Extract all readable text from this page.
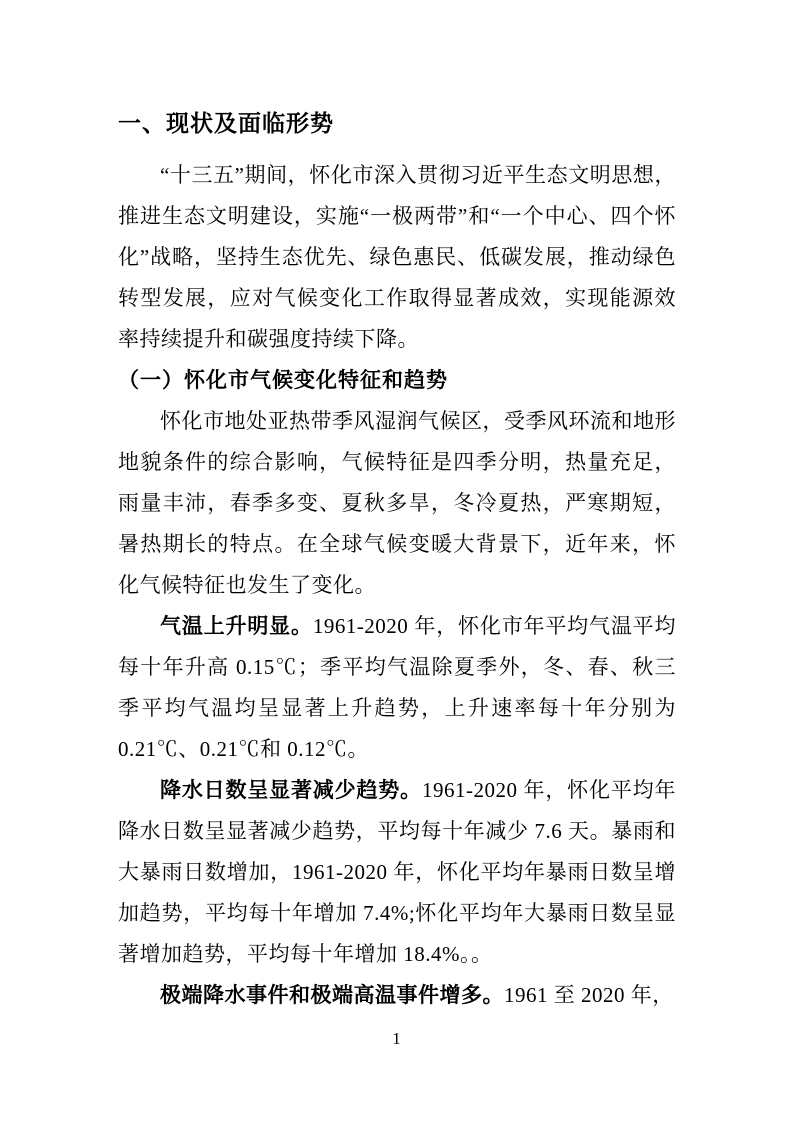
一、现状及面临形势

“十三五”期间，怀化市深入贯彻习近平生态文明思想，推进生态文明建设，实施“一极两带”和“一个中心、四个怀化”战略，坚持生态优先、绿色惠民、低碳发展，推动绿色转型发展，应对气候变化工作取得显著成效，实现能源效率持续提升和碳强度持续下降。

（一）怀化市气候变化特征和趋势

怀化市地处亚热带季风湿润气候区，受季风环流和地形地貌条件的综合影响，气候特征是四季分明，热量充足，雨量丰沛，春季多变、夏秋多旱，冬冷夏热，严寒期短，暑热期长的特点。在全球气候变暖大背景下，近年来，怀化气候特征也发生了变化。

气温上升明显。1961-2020 年，怀化市年平均气温平均每十年升高 0.15℃；季平均气温除夏季外，冬、春、秋三季平均气温均呈显著上升趋势，上升速率每十年分别为 0.21℃、0.21℃和 0.12℃。

降水日数呈显著减少趋势。1961-2020 年，怀化平均年降水日数呈显著减少趋势，平均每十年减少 7.6 天。暴雨和大暴雨日数增加，1961-2020 年，怀化平均年暴雨日数呈增加趋势，平均每十年增加 7.4%;怀化平均年大暴雨日数呈显著增加趋势，平均每十年增加 18.4%。。

极端降水事件和极端高温事件增多。1961 至 2020 年，

1
